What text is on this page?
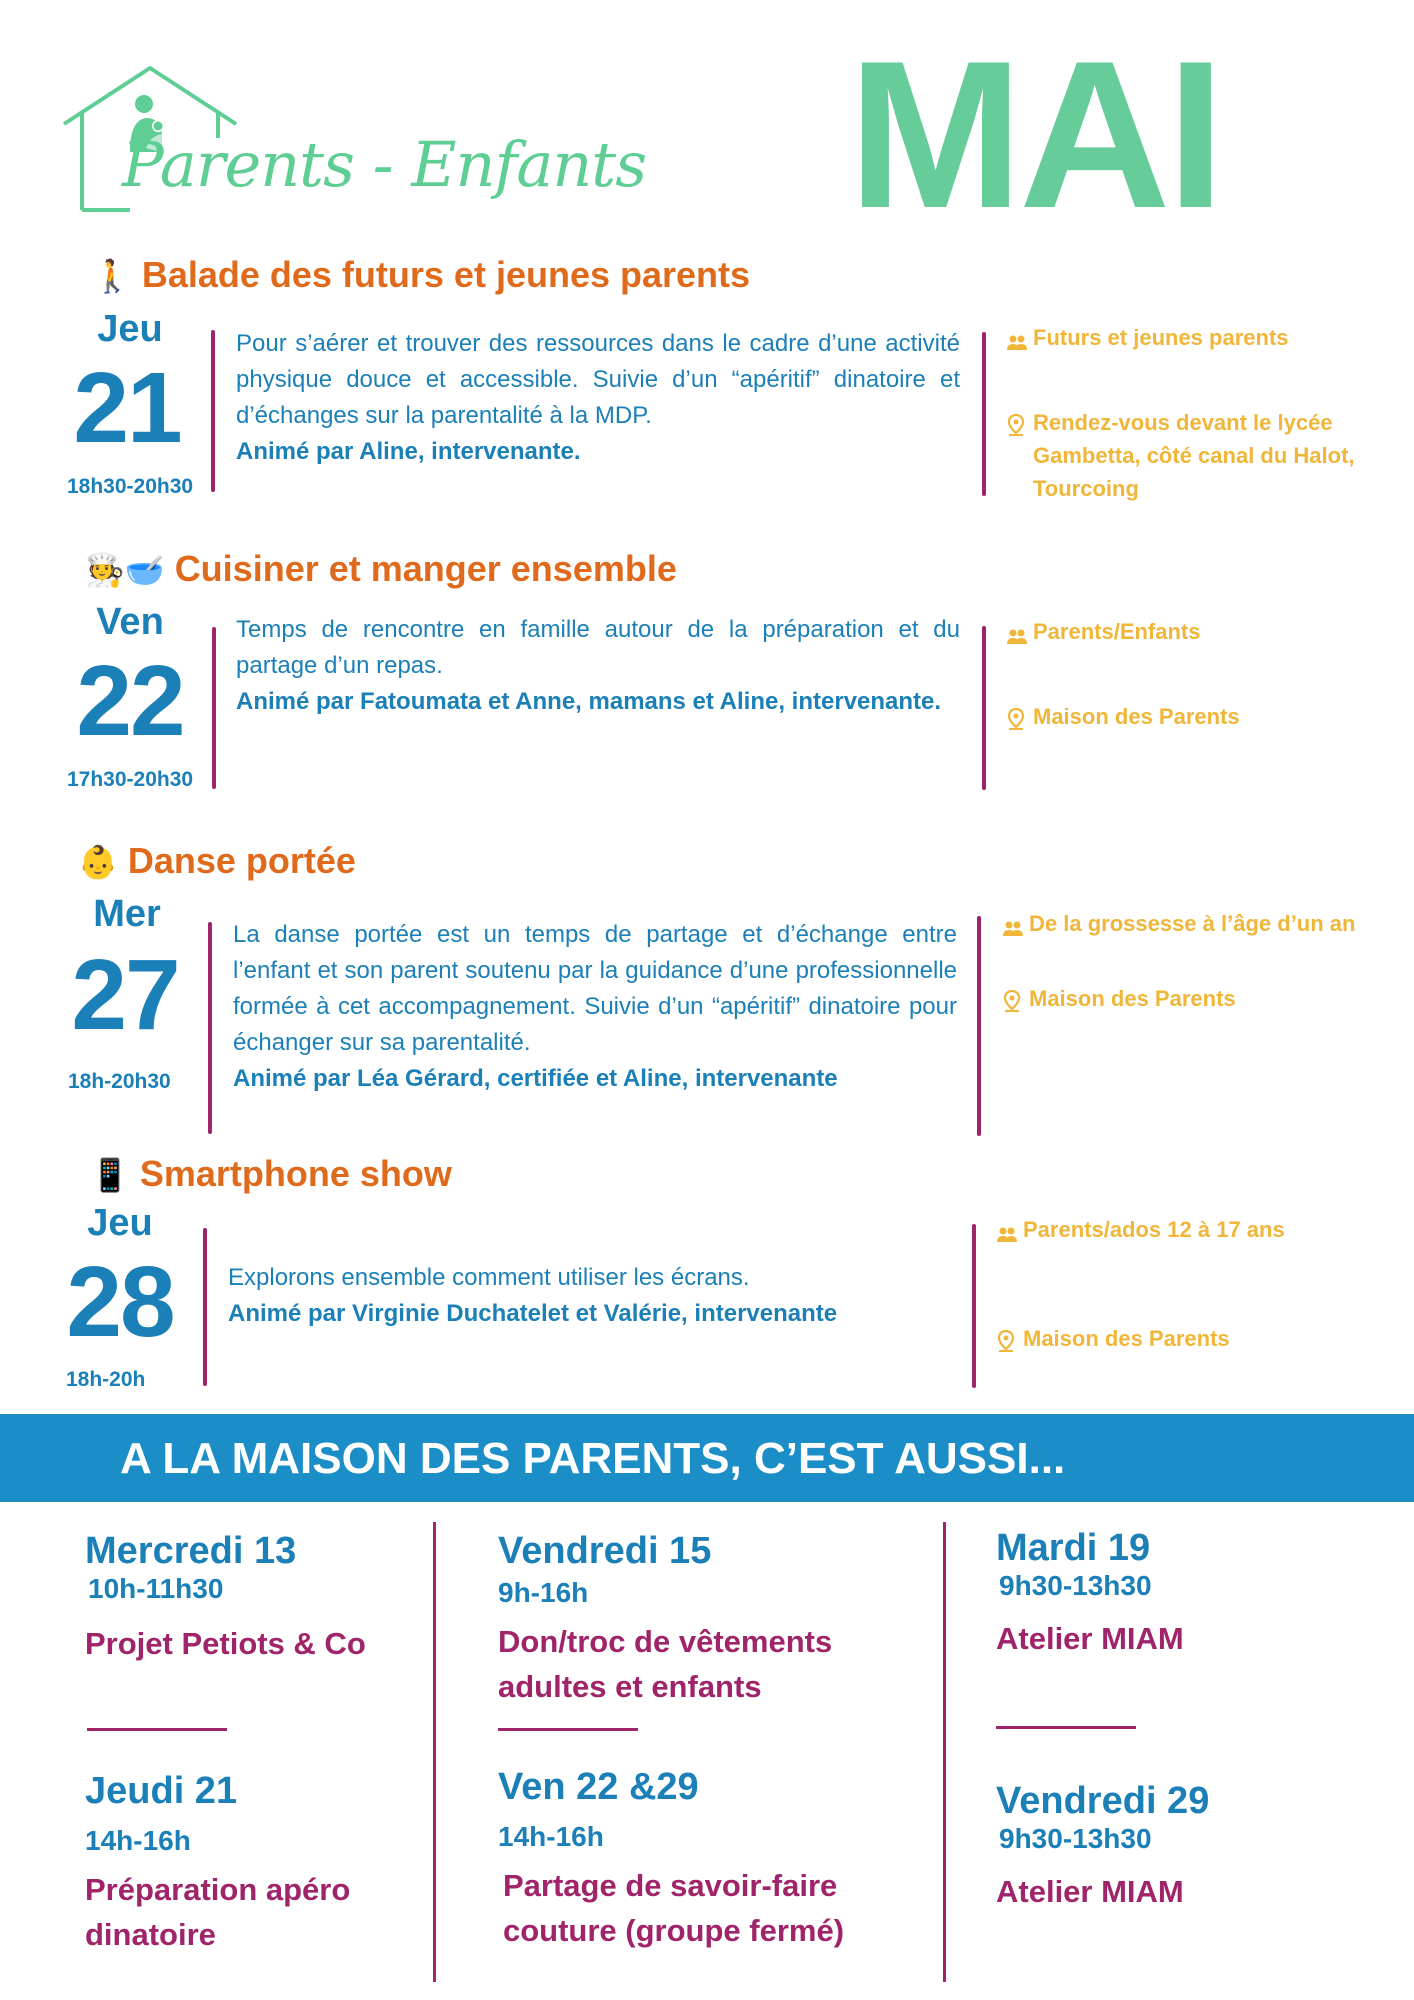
Parents - Enfants MAI
🚶 Balade des futurs et jeunes parents
Jeu
21
18h30-20h30
Pour s’aérer et trouver des ressources dans le cadre d’une activité physique douce et accessible. Suivie d’un “apéritif” dinatoire et d’échanges sur la parentalité à la MDP.
Animé par Aline, intervenante.
Futurs et jeunes parents
Rendez-vous devant le lycée Gambetta, côté canal du Halot, Tourcoing
🧑‍🍳🥣 Cuisiner et manger ensemble
Ven
22
17h30-20h30
Temps de rencontre en famille autour de la préparation et du partage d’un repas.
Animé par Fatoumata et Anne, mamans et Aline, intervenante.
Parents/Enfants
Maison des Parents
👶 Danse portée
Mer
27
18h-20h30
La danse portée est un temps de partage et d’échange entre l’enfant et son parent soutenu par la guidance d’une professionnelle formée à cet accompagnement. Suivie d’un “apéritif” dinatoire pour échanger sur sa parentalité.
Animé par Léa Gérard, certifiée et Aline, intervenante
De la grossesse à l’âge d’un an
Maison des Parents
📱 Smartphone show
Jeu
28
18h-20h
Explorons ensemble comment utiliser les écrans.
Animé par Virginie Duchatelet et Valérie, intervenante
Parents/ados 12 à 17 ans
Maison des Parents
A LA MAISON DES PARENTS, C’EST AUSSI...
Mercredi 13
10h-11h30
Projet Petiots & Co
Jeudi 21
14h-16h
Préparation apéro dinatoire
Vendredi 15
9h-16h
Don/troc de vêtements adultes et enfants
Ven 22 &29
14h-16h
Partage de savoir-faire couture (groupe fermé)
Mardi 19
9h30-13h30
Atelier MIAM
Vendredi 29
9h30-13h30
Atelier MIAM
